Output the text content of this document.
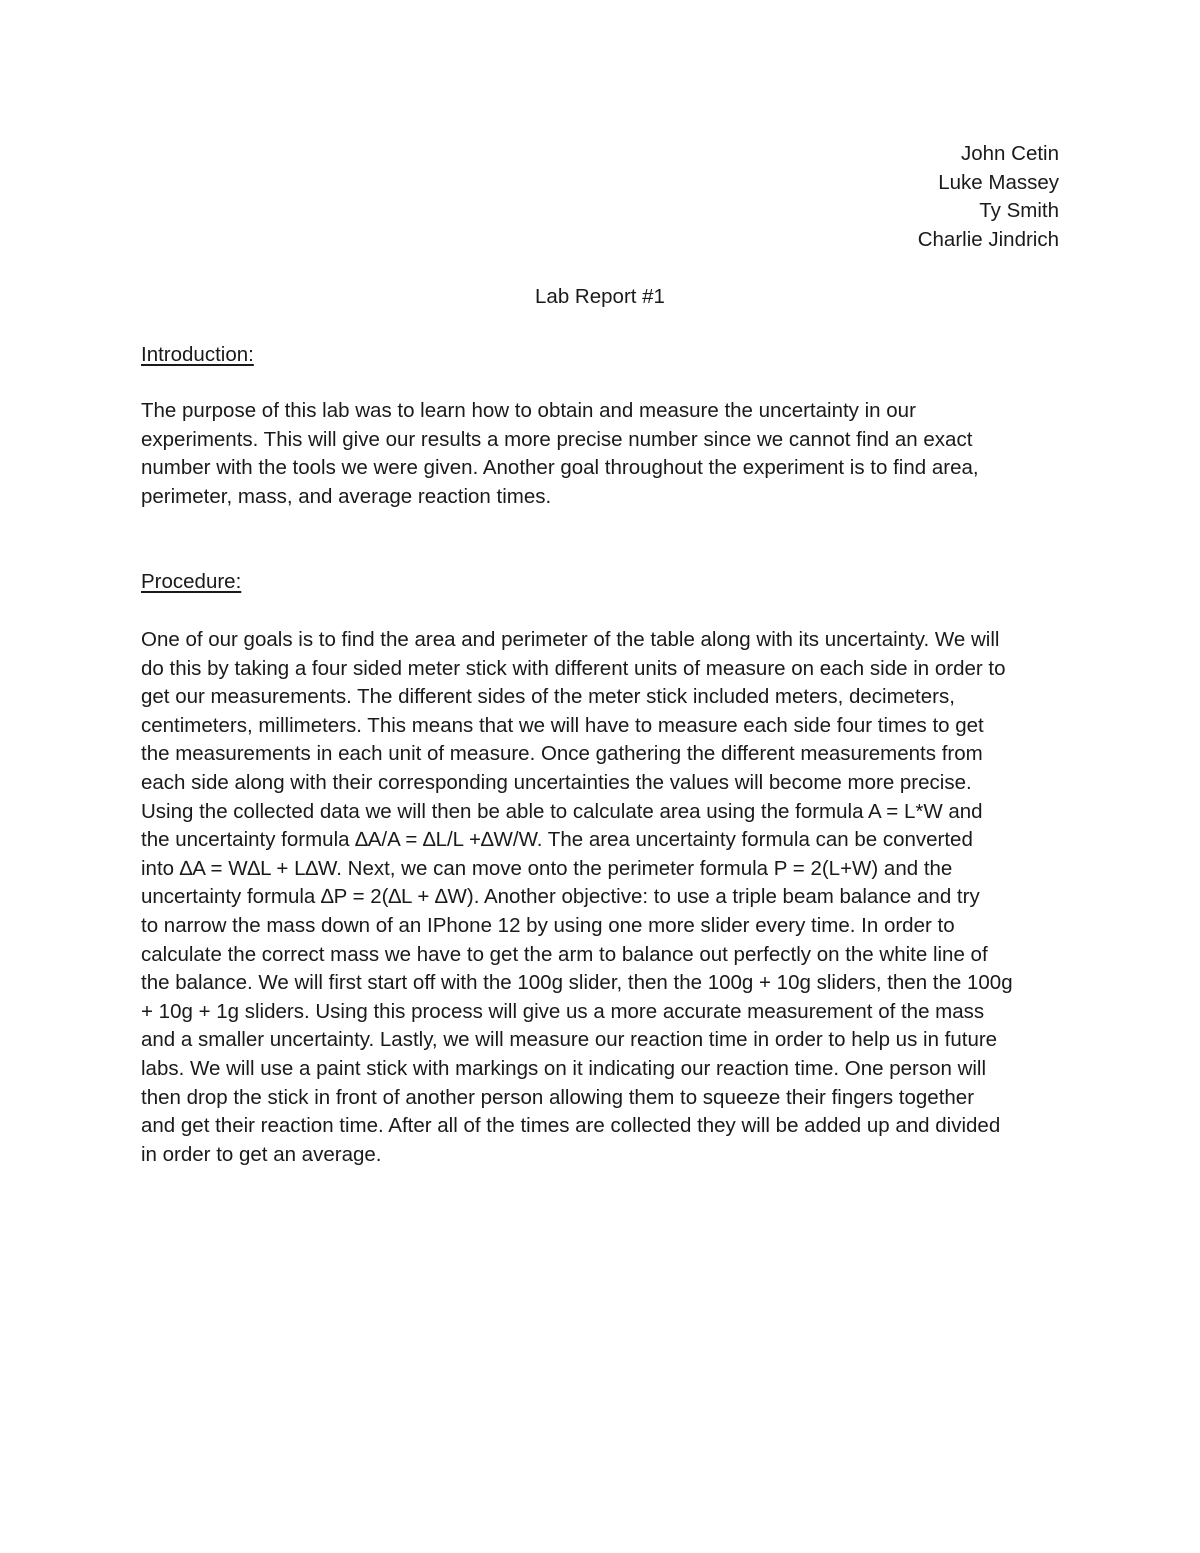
John Cetin
Luke Massey
Ty Smith
Charlie Jindrich
Lab Report #1
Introduction:
The purpose of this lab was to learn how to obtain and measure the uncertainty in our
experiments. This will give our results a more precise number since we cannot find an exact
number with the tools we were given. Another goal throughout the experiment is to find area,
perimeter, mass, and average reaction times.
Procedure:
One of our goals is to find the area and perimeter of the table along with its uncertainty. We will
do this by taking a four sided meter stick with different units of measure on each side in order to
get our measurements. The different sides of the meter stick included meters, decimeters,
centimeters, millimeters. This means that we will have to measure each side four times to get
the measurements in each unit of measure. Once gathering the different measurements from
each side along with their corresponding uncertainties the values will become more precise.
Using the collected data we will then be able to calculate area using the formula A = L*W and
the uncertainty formula ∆A/A = ∆L/L +∆W/W. The area uncertainty formula can be converted
into ∆A = W∆L + L∆W. Next, we can move onto the perimeter formula P = 2(L+W) and the
uncertainty formula ∆P = 2(∆L + ∆W). Another objective: to use a triple beam balance and try
to narrow the mass down of an IPhone 12 by using one more slider every time. In order to
calculate the correct mass we have to get the arm to balance out perfectly on the white line of
the balance. We will first start off with the 100g slider, then the 100g + 10g sliders, then the 100g
+ 10g + 1g sliders. Using this process will give us a more accurate measurement of the mass
and a smaller uncertainty. Lastly, we will measure our reaction time in order to help us in future
labs. We will use a paint stick with markings on it indicating our reaction time. One person will
then drop the stick in front of another person allowing them to squeeze their fingers together
and get their reaction time. After all of the times are collected they will be added up and divided
in order to get an average.
